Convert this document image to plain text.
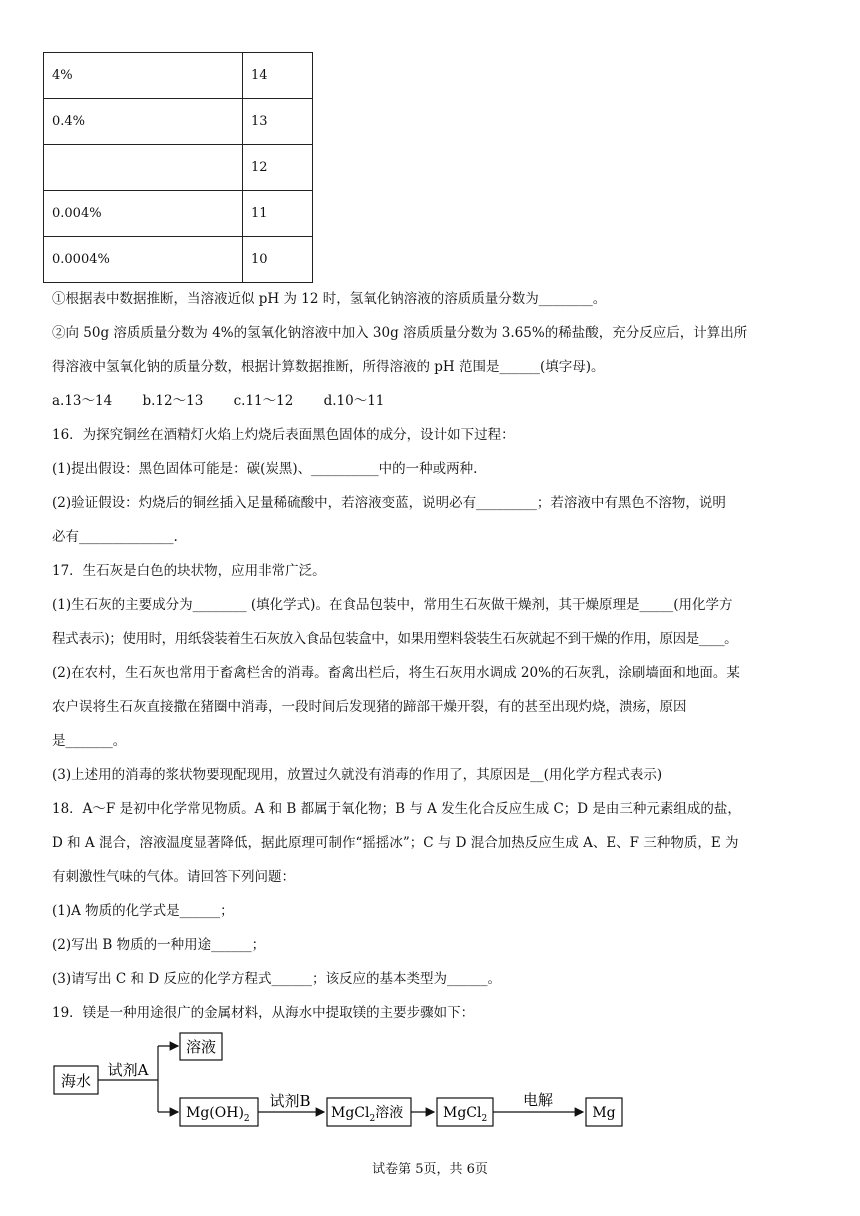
4%	14
0.4%	13
	12
0.004%	11
0.0004%	10
①根据表中数据推断，当溶液近似 pH 为 12 时，氢氧化钠溶液的溶质质量分数为________。
②向 50g 溶质质量分数为 4%的氢氧化钠溶液中加入 30g 溶质质量分数为 3.65%的稀盐酸，充分反应后，计算出所
得溶液中氢氧化钠的质量分数，根据计算数据推断，所得溶液的 pH 范围是______(填字母)。
a.13～14 b.12～13 c.11～12 d.10～11
16．为探究铜丝在酒精灯火焰上灼烧后表面黑色固体的成分，设计如下过程：
(1)提出假设：黑色固体可能是：碳(炭黑)、__________中的一种或两种.
(2)验证假设：灼烧后的铜丝插入足量稀硫酸中，若溶液变蓝，说明必有_________；若溶液中有黑色不溶物，说明
必有______________.
17．生石灰是白色的块状物，应用非常广泛。
(1)生石灰的主要成分为________ (填化学式)。在食品包装中，常用生石灰做干燥剂，其干燥原理是_____(用化学方
程式表示)；使用时，用纸袋装着生石灰放入食品包装盒中，如果用塑料袋装生石灰就起不到干燥的作用，原因是____。
(2)在农村，生石灰也常用于畜禽栏舍的消毒。畜禽出栏后，将生石灰用水调成 20%的石灰乳，涂刷墙面和地面。某
农户误将生石灰直接撒在猪圈中消毒，一段时间后发现猪的蹄部干燥开裂，有的甚至出现灼烧，溃疡，原因
是_______。
(3)上述用的消毒的浆状物要现配现用，放置过久就没有消毒的作用了，其原因是__(用化学方程式表示)
18．A～F 是初中化学常见物质。A 和 B 都属于氧化物；B 与 A 发生化合反应生成 C；D 是由三种元素组成的盐，
D 和 A 混合，溶液温度显著降低，据此原理可制作“摇摇冰”；C 与 D 混合加热反应生成 A、E、F 三种物质，E 为
有刺激性气味的气体。请回答下列问题：
(1)A 物质的化学式是______；
(2)写出 B 物质的一种用途______；
(3)请写出 C 和 D 反应的化学方程式______；该反应的基本类型为______。
19．镁是一种用途很广的金属材料，从海水中提取镁的主要步骤如下：
海水
试剂A
溶液
$Mg(OH)_2$
试剂B
MgCl$_2$溶液	MgCl$_2$
电解
Mg
试卷第 5页，共 6页
